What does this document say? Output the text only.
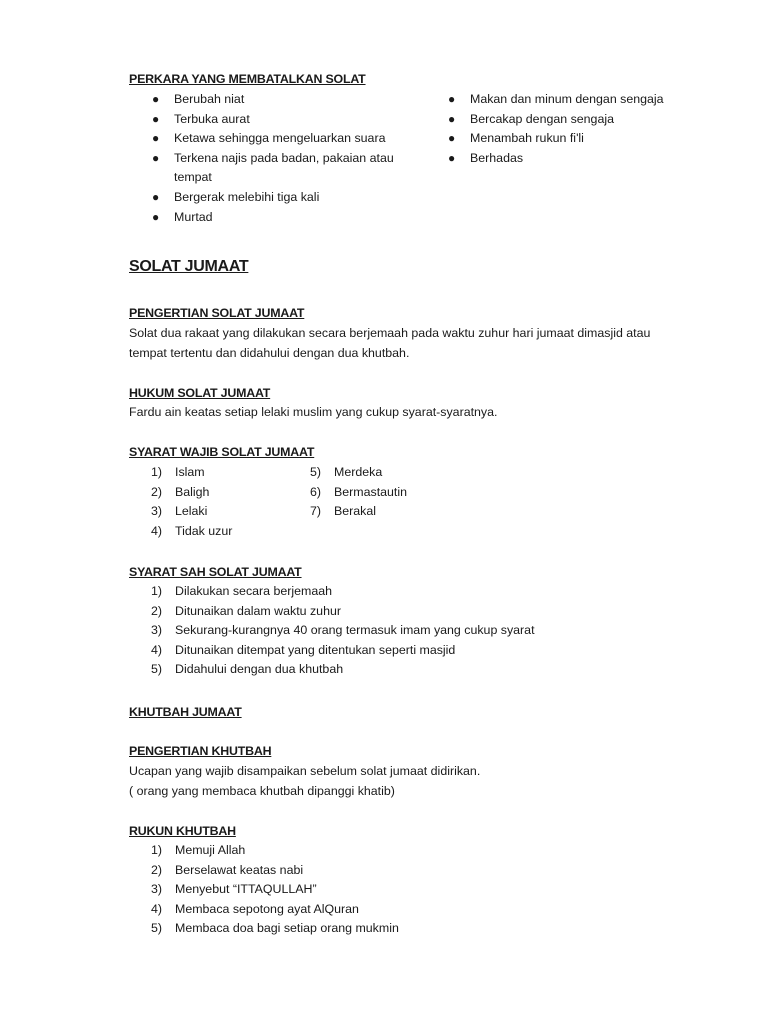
PERKARA YANG MEMBATALKAN SOLAT
● Berubah niat
● Terbuka aurat
● Ketawa sehingga mengeluarkan suara
● Terkena najis pada badan, pakaian atau tempat
● Bergerak melebihi tiga kali
● Murtad
● Makan dan minum dengan sengaja
● Bercakap dengan sengaja
● Menambah rukun fi'li
● Berhadas
SOLAT JUMAAT
PENGERTIAN SOLAT JUMAAT

Solat dua rakaat yang dilakukan secara berjemaah pada waktu zuhur hari jumaat dimasjid atau tempat tertentu dan didahului dengan dua khutbah.

HUKUM SOLAT JUMAAT

Fardu ain keatas setiap lelaki muslim yang cukup syarat-syaratnya.

SYARAT WAJIB SOLAT JUMAAT
1) Islam
2) Baligh
3) Lelaki
4) Tidak uzur
5) Merdeka
6) Bermastautin
7) Berakal
SYARAT SAH SOLAT JUMAAT
1) Dilakukan secara berjemaah
2) Ditunaikan dalam waktu zuhur
3) Sekurang-kurangnya 40 orang termasuk imam yang cukup syarat
4) Ditunaikan ditempat yang ditentukan seperti masjid
5) Didahului dengan dua khutbah
KHUTBAH JUMAAT
PENGERTIAN KHUTBAH

Ucapan yang wajib disampaikan sebelum solat jumaat didirikan.

( orang yang membaca khutbah dipanggi khatib)

RUKUN KHUTBAH
1) Memuji Allah
2) Berselawat keatas nabi
3) Menyebut “ITTAQULLAH”
4) Membaca sepotong ayat AlQuran
5) Membaca doa bagi setiap orang mukmin
